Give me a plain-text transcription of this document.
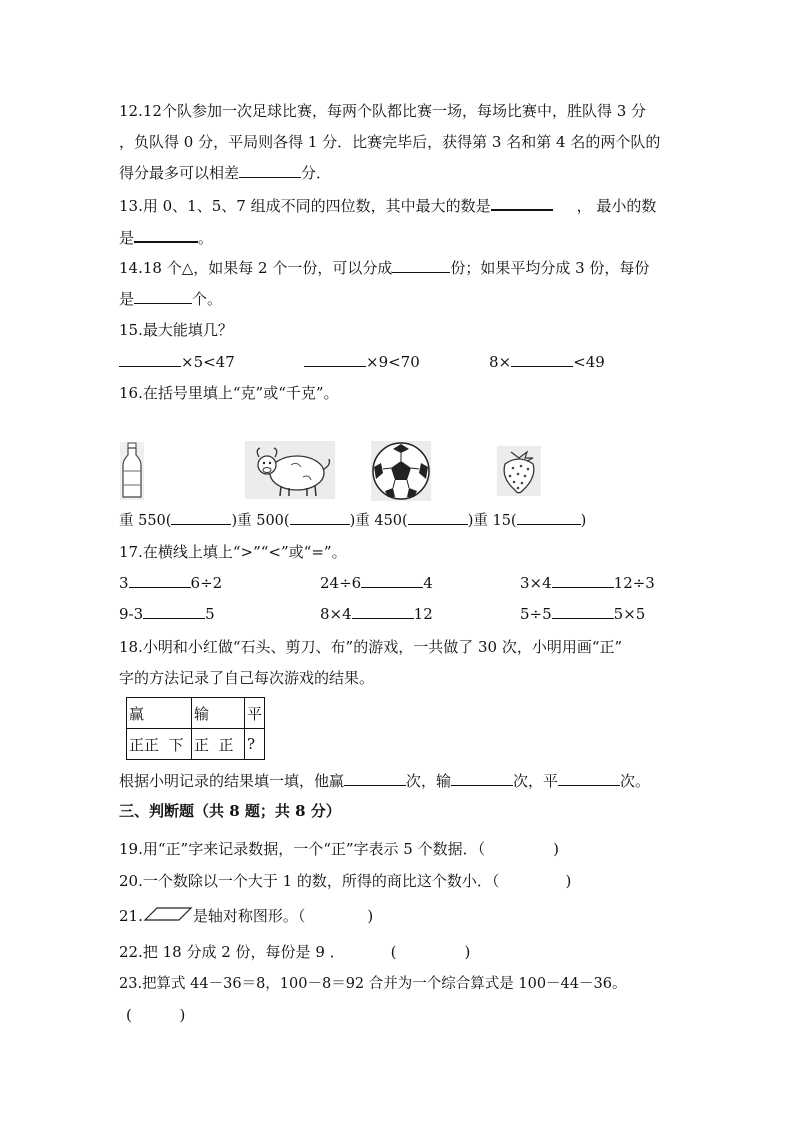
12.12个队参加一次足球比赛，每两个队都比赛一场，每场比赛中，胜队得 3 分
，负队得 0 分，平局则各得 1 分．比赛完毕后，获得第 3 名和第 4 名的两个队的
得分最多可以相差	分．
13.用 0、1、5、7 组成不同的四位数，其中最大的数是	， 最小的数
是	。
14.18 个△，如果每 2 个一份，可以分成	份；如果平均分成 3 份，每份
是	个。
15.最大能填几？
×5<47	×9<70	8×	<49
16.在括号里填上“克”或“千克”。
重 550(	)重 500(	)重 450(	)重 15(	)
17.在横线上填上“>”“<”或“=”。
3	6÷2	24÷6	4	3×4	12÷3
9-3	5	8×4	12	5÷5	5×5
18.小明和小红做“石头、剪刀、布”的游戏，一共做了 30 次，小明用画“正”
字的方法记录了自己每次游戏的结果。
赢	输	平
正正  下	正  正	?
根据小明记录的结果填一填，他赢	次，输	次，平	次。
三、判断题（共 8 题；共 8 分）
19.用“正”字来记录数据，一个“正”字表示 5 个数据．（	)
20.一个数除以一个大于 1 的数，所得的商比这个数小．（	)
21.	是轴对称图形。（	)
22.把 18 分成 2 份，每份是 9 ．	(	)
23.把算式 44－36＝8，100－8＝92 合并为一个综合算式是 100－44－36。
(          )
